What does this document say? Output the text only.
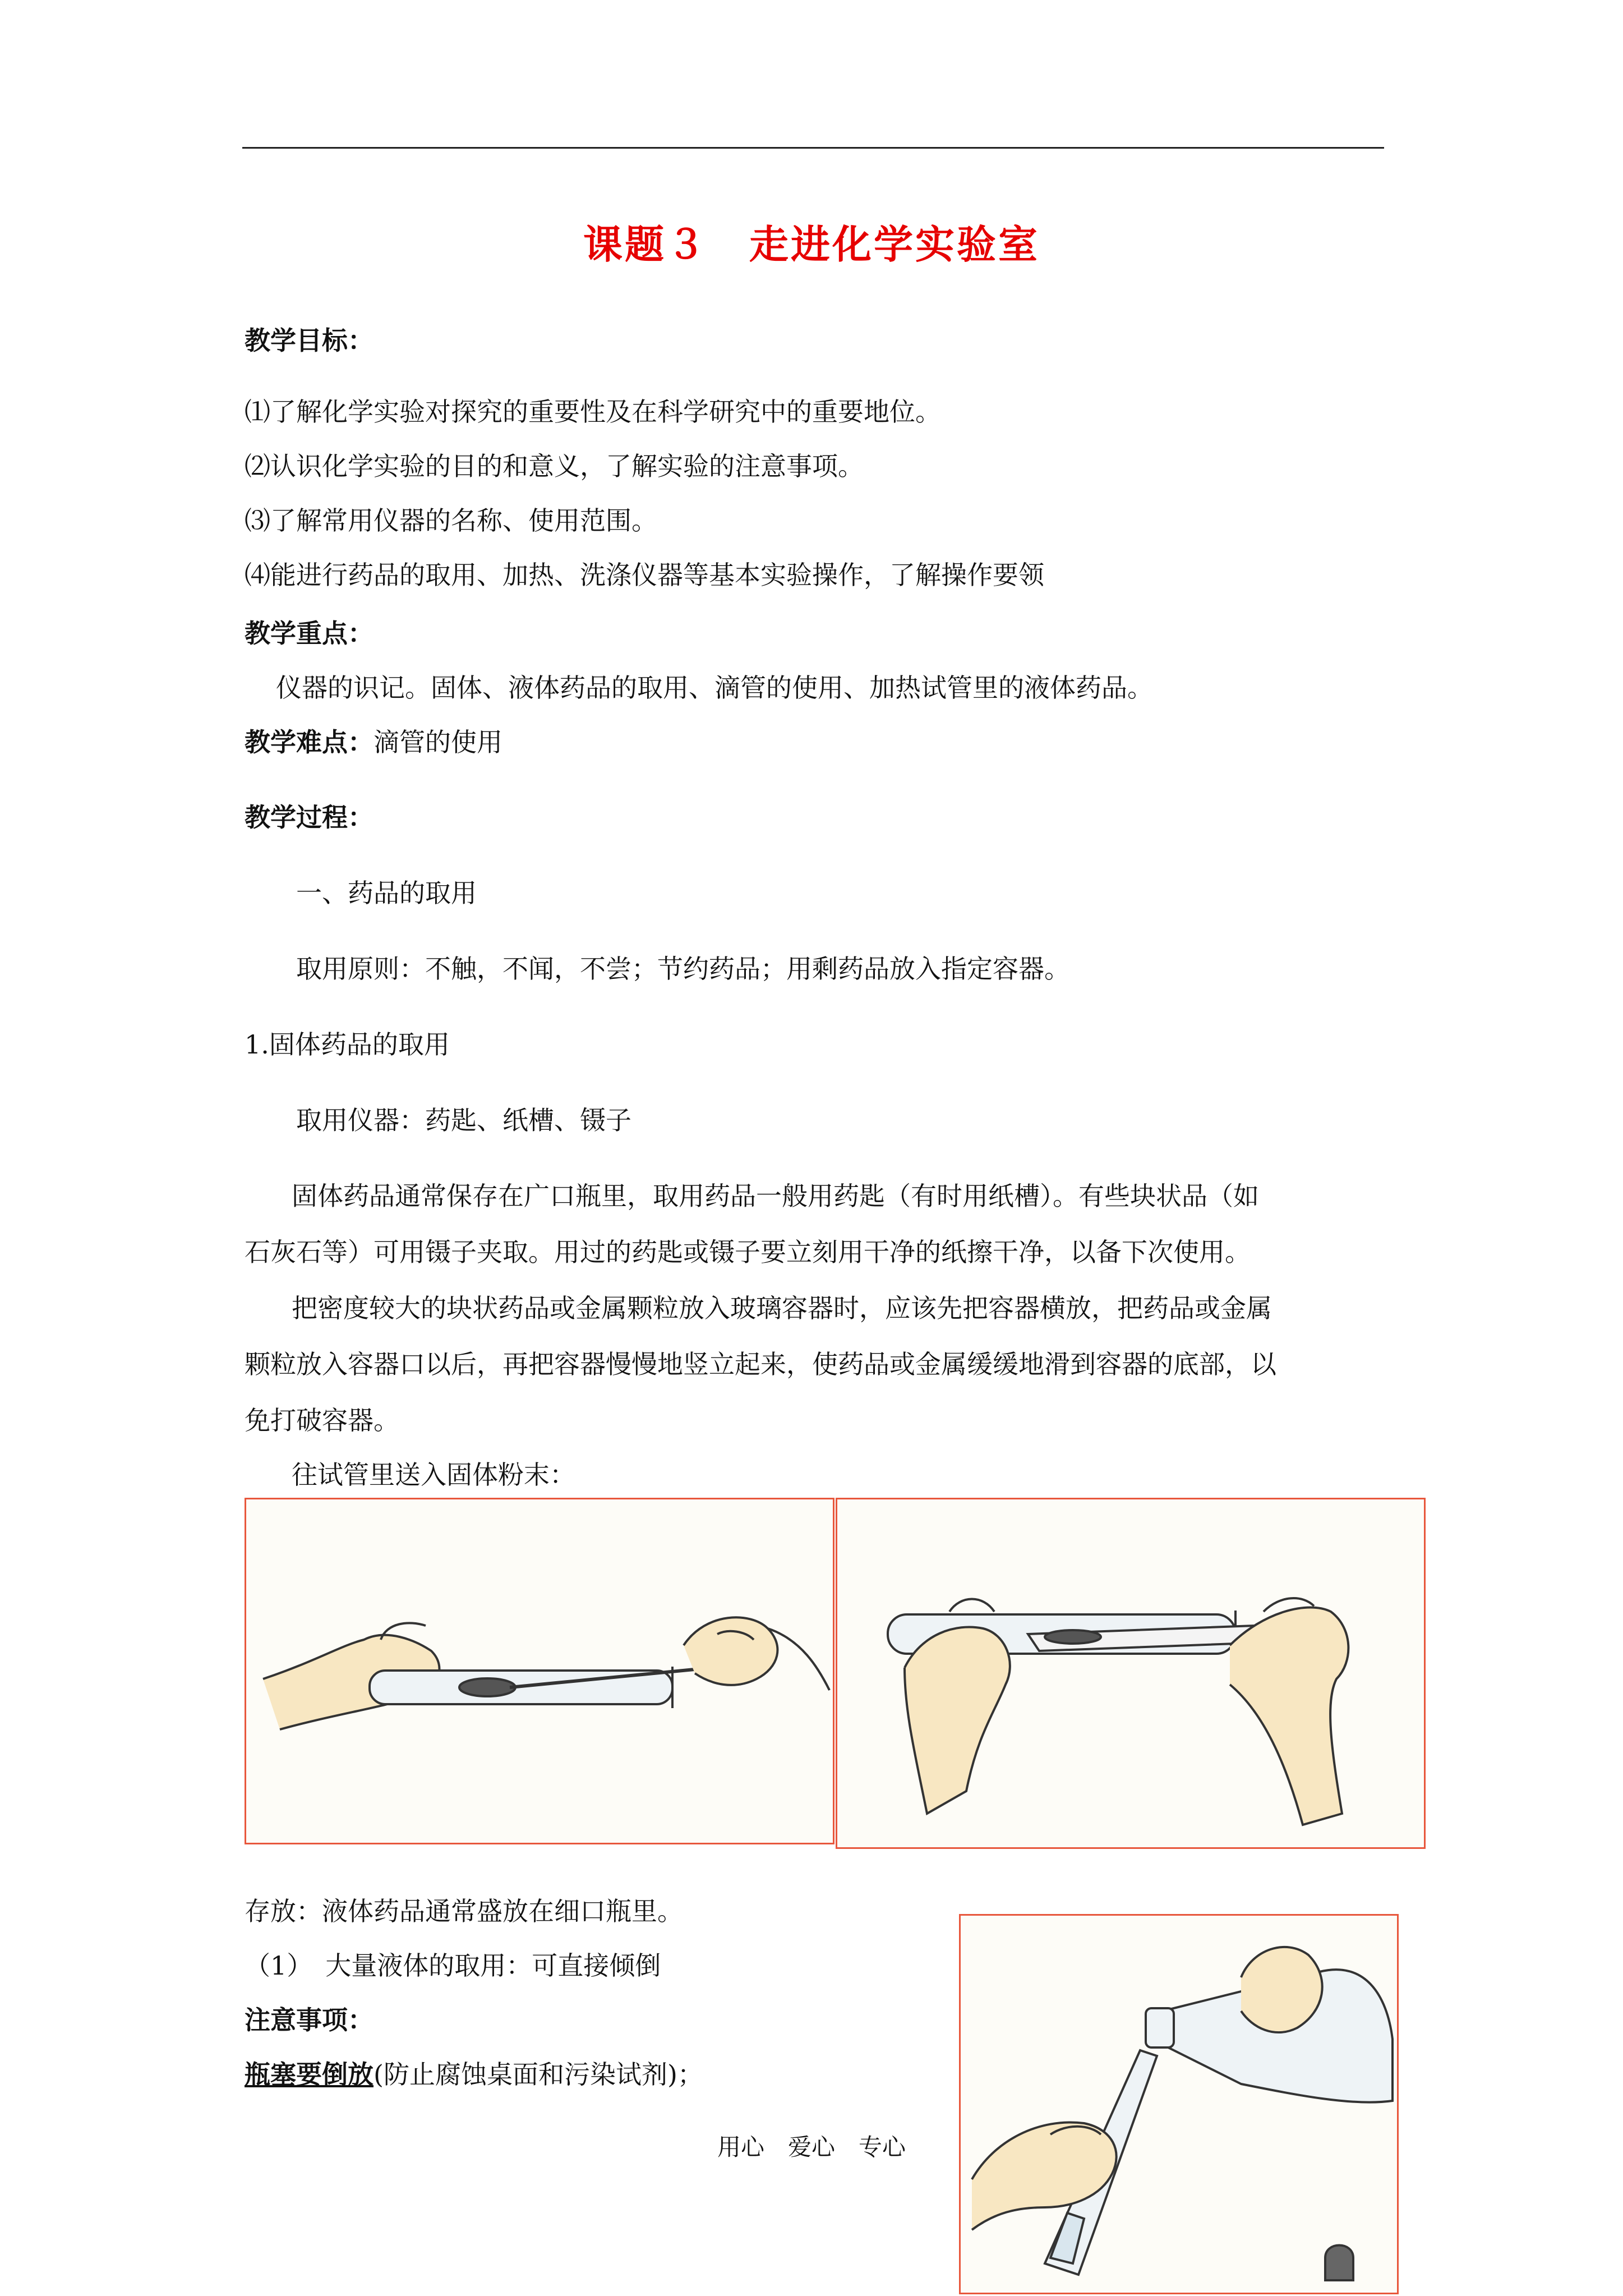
课题３　走进化学实验室
教学目标：
⑴了解化学实验对探究的重要性及在科学研究中的重要地位。
⑵认识化学实验的目的和意义，了解实验的注意事项。
⑶了解常用仪器的名称、使用范围。
⑷能进行药品的取用、加热、洗涤仪器等基本实验操作，了解操作要领
教学重点：
仪器的识记。固体、液体药品的取用、滴管的使用、加热试管里的液体药品。
教学难点：滴管的使用
教学过程：
一、药品的取用
取用原则：不触，不闻，不尝；节约药品；用剩药品放入指定容器。
1.固体药品的取用
取用仪器：药匙、纸槽、镊子
固体药品通常保存在广口瓶里，取用药品一般用药匙（有时用纸槽）。有些块状品（如
石灰石等）可用镊子夹取。用过的药匙或镊子要立刻用干净的纸擦干净，以备下次使用。
把密度较大的块状药品或金属颗粒放入玻璃容器时，应该先把容器横放，把药品或金属
颗粒放入容器口以后，再把容器慢慢地竖立起来，使药品或金属缓缓地滑到容器的底部，以
免打破容器。
往试管里送入固体粉末：
存放：液体药品通常盛放在细口瓶里。
（1）　大量液体的取用：可直接倾倒
注意事项：
瓶塞要倒放(防止腐蚀桌面和污染试剂)；
用心　爱心　专心
